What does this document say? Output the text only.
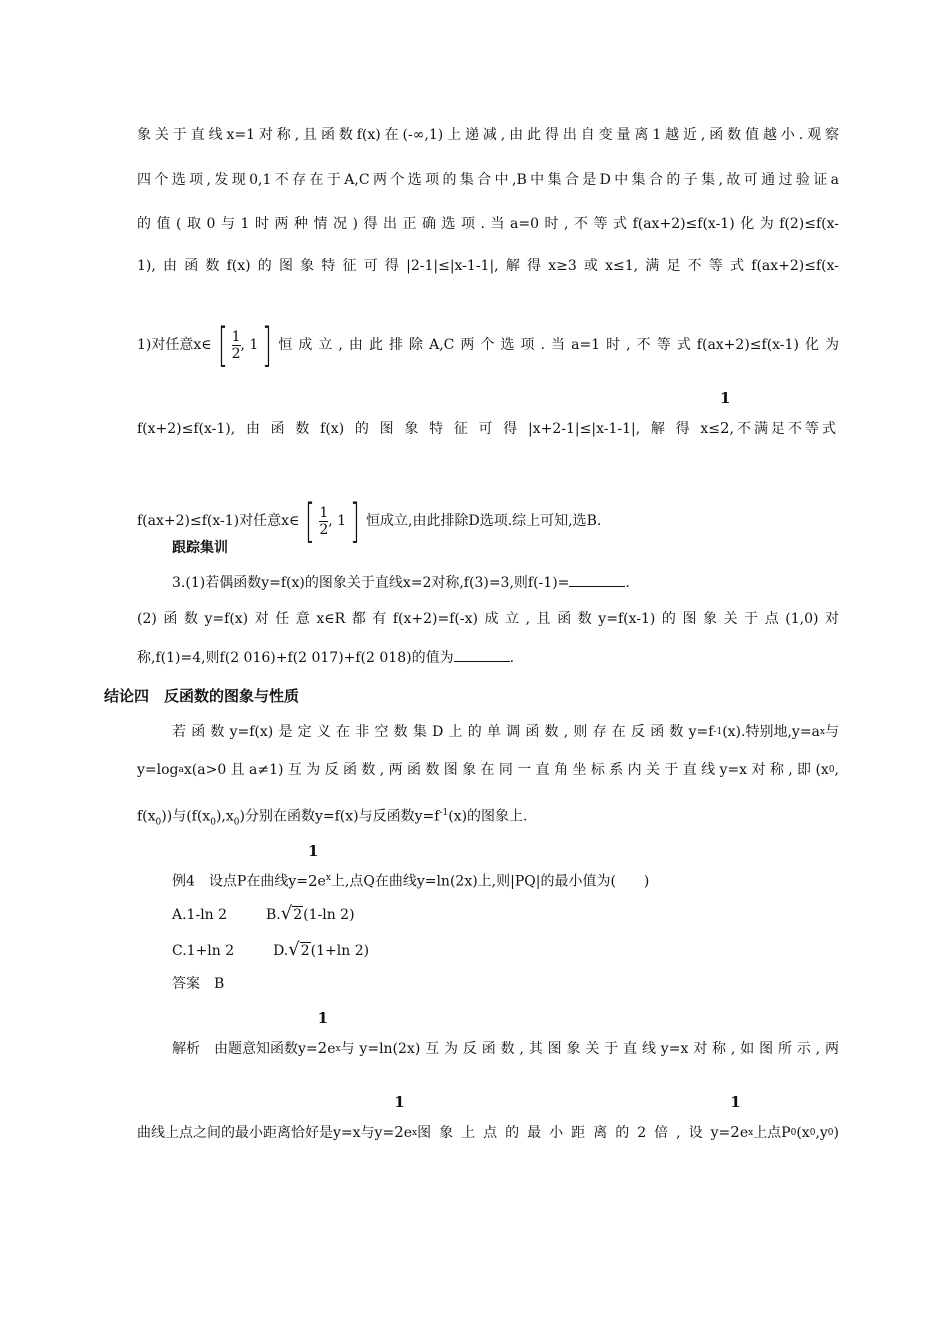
象关于直线x=1对称,且函数f(x)在(-∞,1)上递减,由此得出自变量离1越近,函数值越小.观察
四个选项,发现0,1不存在于A,C两个选项的集合中,B中集合是D中集合的子集,故可通过验证a
的值(取0与1时两种情况)得出正确选项.当a=0时,不等式f(ax+2)≤f(x-1)化为f(2)≤f(x-
1),由函数f(x)的图象特征可得|2-1|≤|x-1-1|,解得x≥3或x≤1,满足不等式f(ax+2)≤f(x-
1)对任意x∈ [ $\frac{1}{2}$ , 1 ] 恒成立,由此排除A,C两个选项.当a=1时,不等式f(ax+2)≤f(x-1)化为
f(x+2)≤f(x-1),由函数f(x)的图象特征可得|x+2-1|≤|x-1-1|,解得x≤
1
2 ,不满足不等式
f(ax+2)≤f(x-1)对任意x∈ [ $\frac{1}{2}$ , 1 ] 恒成立,由此排除D选项.综上可知,选B.
跟踪集训
3.(1)若偶函数y=f(x)的图象关于直线x=2对称,f(3)=3,则f(-1)=	.
(2)函数y=f(x)对任意x∈R都有f(x+2)=f(-x)成立,且函数y=f(x-1)的图象关于点(1,0)对
称,f(1)=4,则f(2 016)+f(2 017)+f(2 018)的值为	.
结论四　反函数的图象与性质
若函数y=f(x)是定义在非空数集D上的单调函数,则存在反函数y=f -1 (x).特别地,y=a x 与
y=log a x(a>0且a≠1)互为反函数,两函数图象在同一直角坐标系内关于直线y=x对称,即(x 0 ,
$f(x_0)$)与$(f(x_0),x_0)$分别在函数y=f(x)与反函数$y=f^{-1}(x)$的图象上.
例4　设点P在曲线y=
1
$2e^x$上,点Q在曲线y=ln(2x)上,则|PQ|的最小值为(　　)
A.1-ln 2	B.√2(1-ln 2)
C.1+ln 2	D.√2(1+ln 2)
答案　B
解析　由题意知函数y=
1
2 e x 与y=ln(2x)互为反函数,其图象关于直线y=x对称,如图所示,两
曲线上点之间的最小距离恰好是y=x与y=
1
2 e x 图象上点的最小距离的2倍,设y=
1
2 e x 上点P 0 (x 0 ,y 0 )
